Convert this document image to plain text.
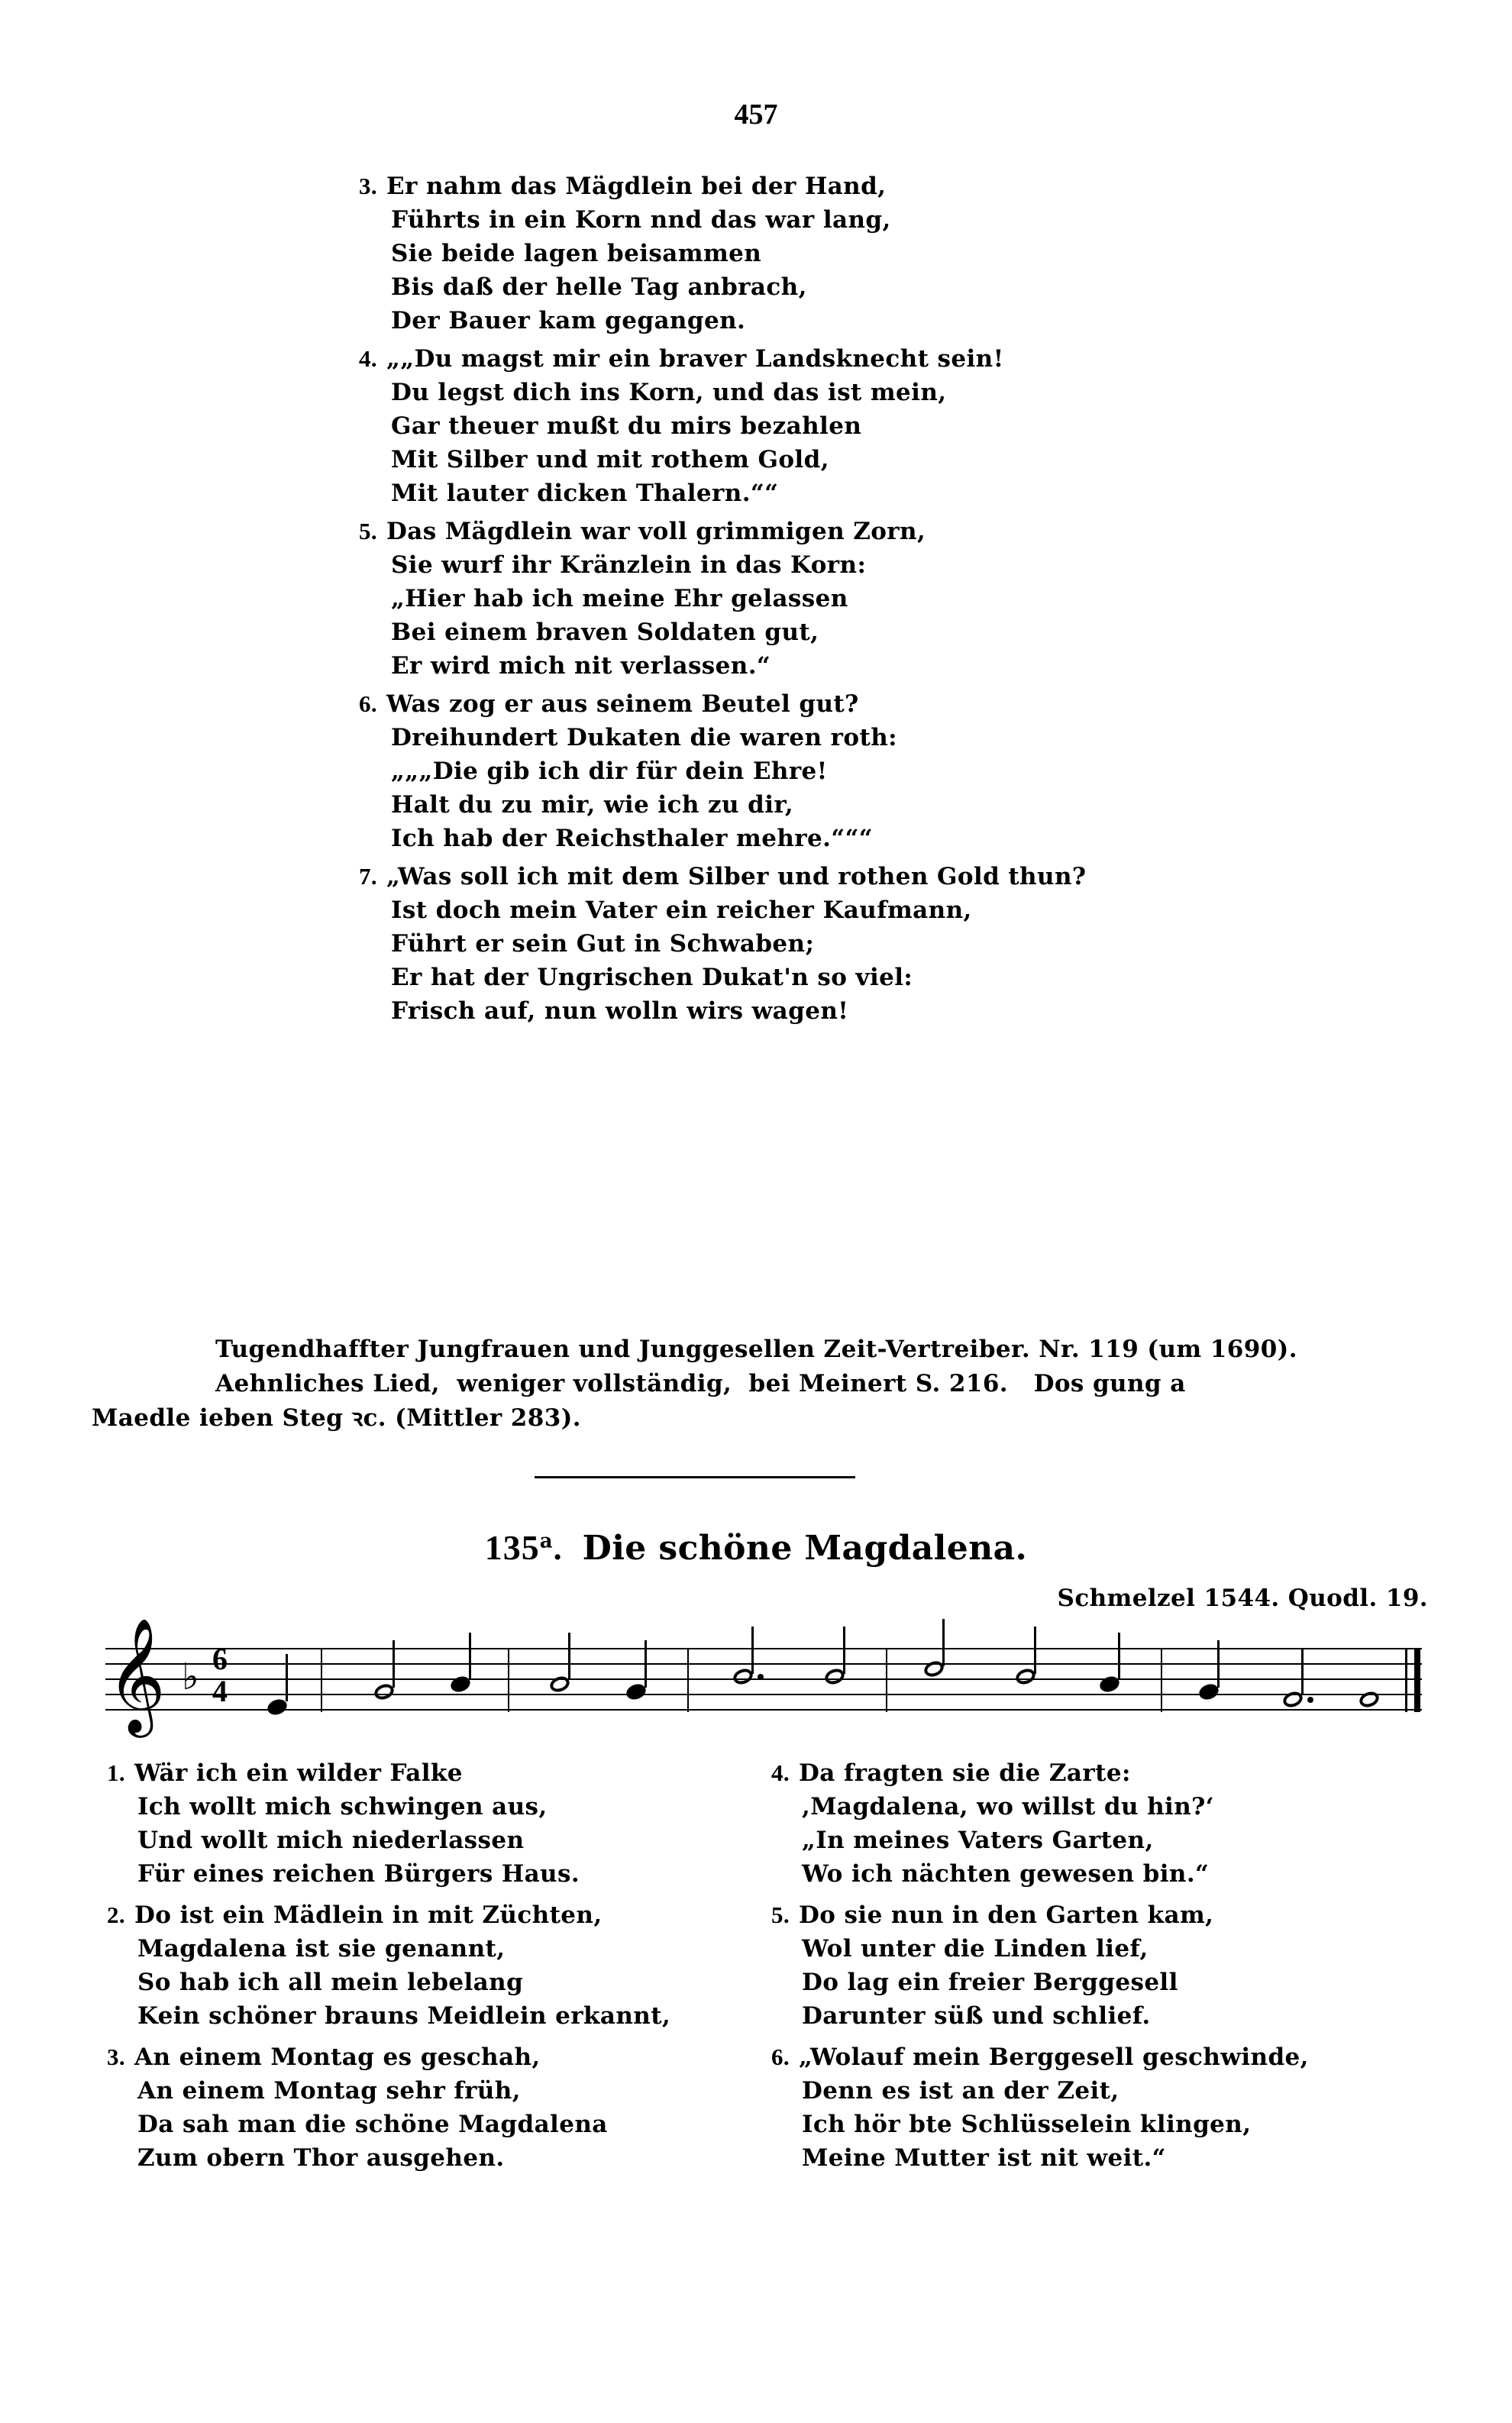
457
3. Er nahm das Mägdlein bei der Hand,
Führts in ein Korn nnd das war lang,
Sie beide lagen beisammen
Bis daß der helle Tag anbrach,
Der Bauer kam gegangen.
4. „„Du magst mir ein braver Landsknecht sein!
Du legst dich ins Korn, und das ist mein,
Gar theuer mußt du mirs bezahlen
Mit Silber und mit rothem Gold,
Mit lauter dicken Thalern.““
5. Das Mägdlein war voll grimmigen Zorn,
Sie wurf ihr Kränzlein in das Korn:
„Hier hab ich meine Ehr gelassen
Bei einem braven Soldaten gut,
Er wird mich nit verlassen.“
6. Was zog er aus seinem Beutel gut?
Dreihundert Dukaten die waren roth:
„„„Die gib ich dir für dein Ehre!
Halt du zu mir, wie ich zu dir,
Ich hab der Reichsthaler mehre.“““
7. „Was soll ich mit dem Silber und rothen Gold thun?
Ist doch mein Vater ein reicher Kaufmann,
Führt er sein Gut in Schwaben;
Er hat der Ungrischen Dukat'n so viel:
Frisch auf, nun wolln wirs wagen!
Tugendhaffter Jungfrauen und Junggesellen Zeit-Vertreiber. Nr. 119 (um 1690).
Aehnliches Lied,  weniger vollständig,  bei Meinert S. 216.   Dos gung a
Maedle ieben Steg ꝛc. (Mittler 283).
135$^a$. Die schöne Magdalena.
Schmelzel 1544. Quodl. 19.
𝄞 ♭ 6
4
1. Wär ich ein wilder Falke
Ich wollt mich schwingen aus,
Und wollt mich niederlassen
Für eines reichen Bürgers Haus.
2. Do ist ein Mädlein in mit Züchten,
Magdalena ist sie genannt,
So hab ich all mein lebelang
Kein schöner brauns Meidlein erkannt,
3. An einem Montag es geschah,
An einem Montag sehr früh,
Da sah man die schöne Magdalena
Zum obern Thor ausgehen.
4. Da fragten sie die Zarte:
,Magdalena, wo willst du hin?‘
„In meines Vaters Garten,
Wo ich nächten gewesen bin.“
5. Do sie nun in den Garten kam,
Wol unter die Linden lief,
Do lag ein freier Berggesell
Darunter süß und schlief.
6. „Wolauf mein Berggesell geschwinde,
Denn es ist an der Zeit,
Ich hör bte Schlüsselein klingen,
Meine Mutter ist nit weit.“
